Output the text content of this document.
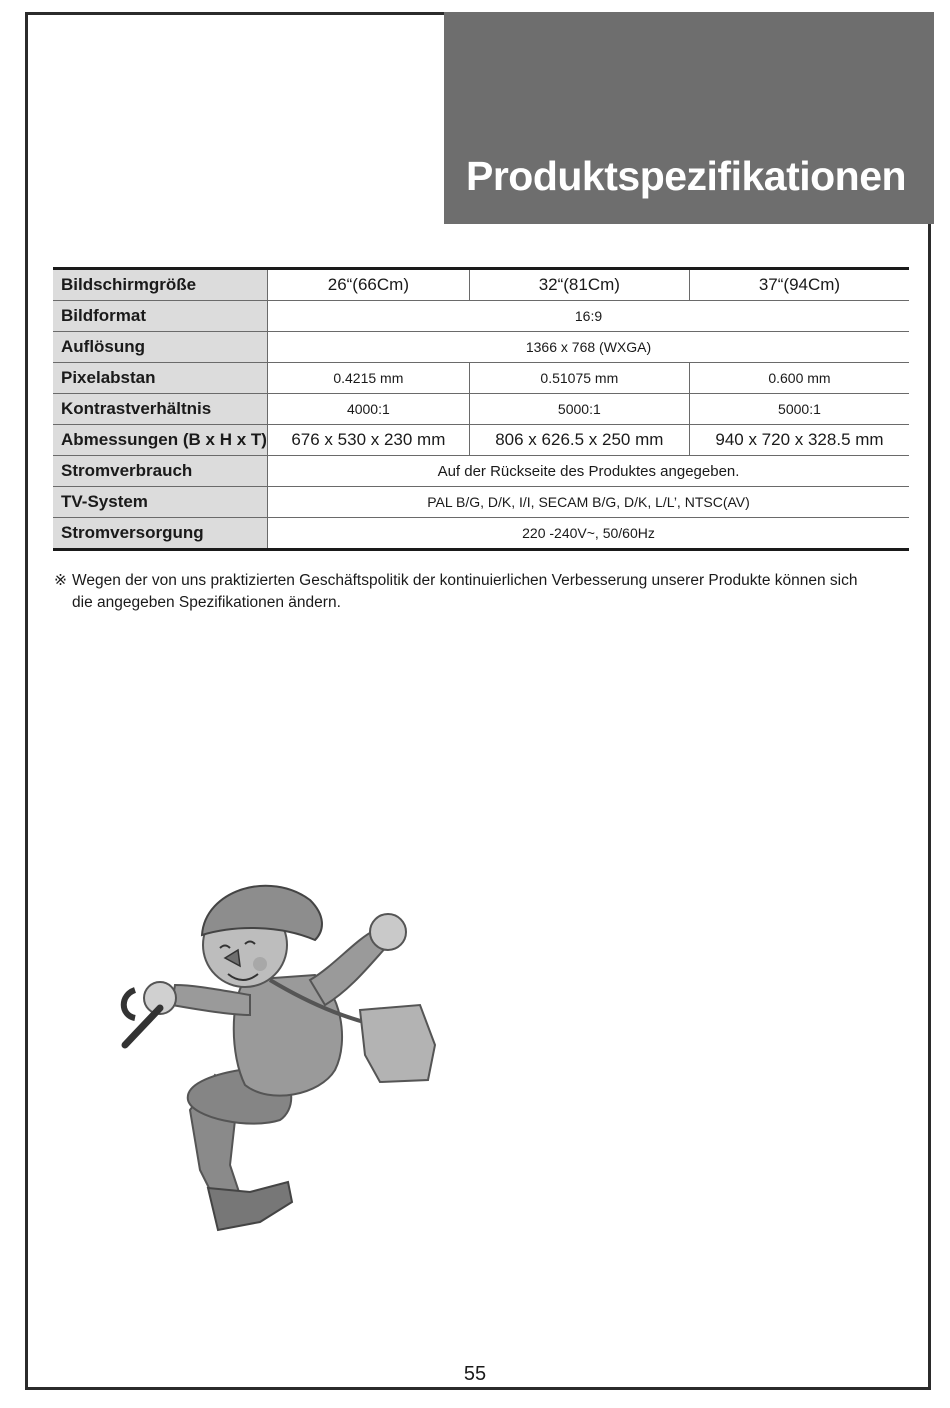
Produktspezifikationen
Bildschirmgröße	26“(66Cm)	32“(81Cm)	37“(94Cm)
Bildformat	16:9		
Auflösung	1366 x 768 (WXGA)		
Pixelabstan	0.4215 mm	0.51075 mm	0.600 mm
Kontrastverhältnis	4000:1	5000:1	5000:1
Abmessungen (B x H x T)	676 x 530 x 230 mm	806 x 626.5 x 250 mm	940 x 720 x 328.5 mm
Stromverbrauch	Auf der Rückseite des Produktes angegeben.		
TV-System	PAL B/G, D/K, I/I, SECAM B/G, D/K, L/L’, NTSC(AV)		
Stromversorgung	220 -240V~, 50/60Hz		
※ Wegen der von uns praktizierten Geschäftspolitik der kontinuierlichen Verbesserung unserer Produkte können sich
die angegeben Spezifikationen ändern.
55
